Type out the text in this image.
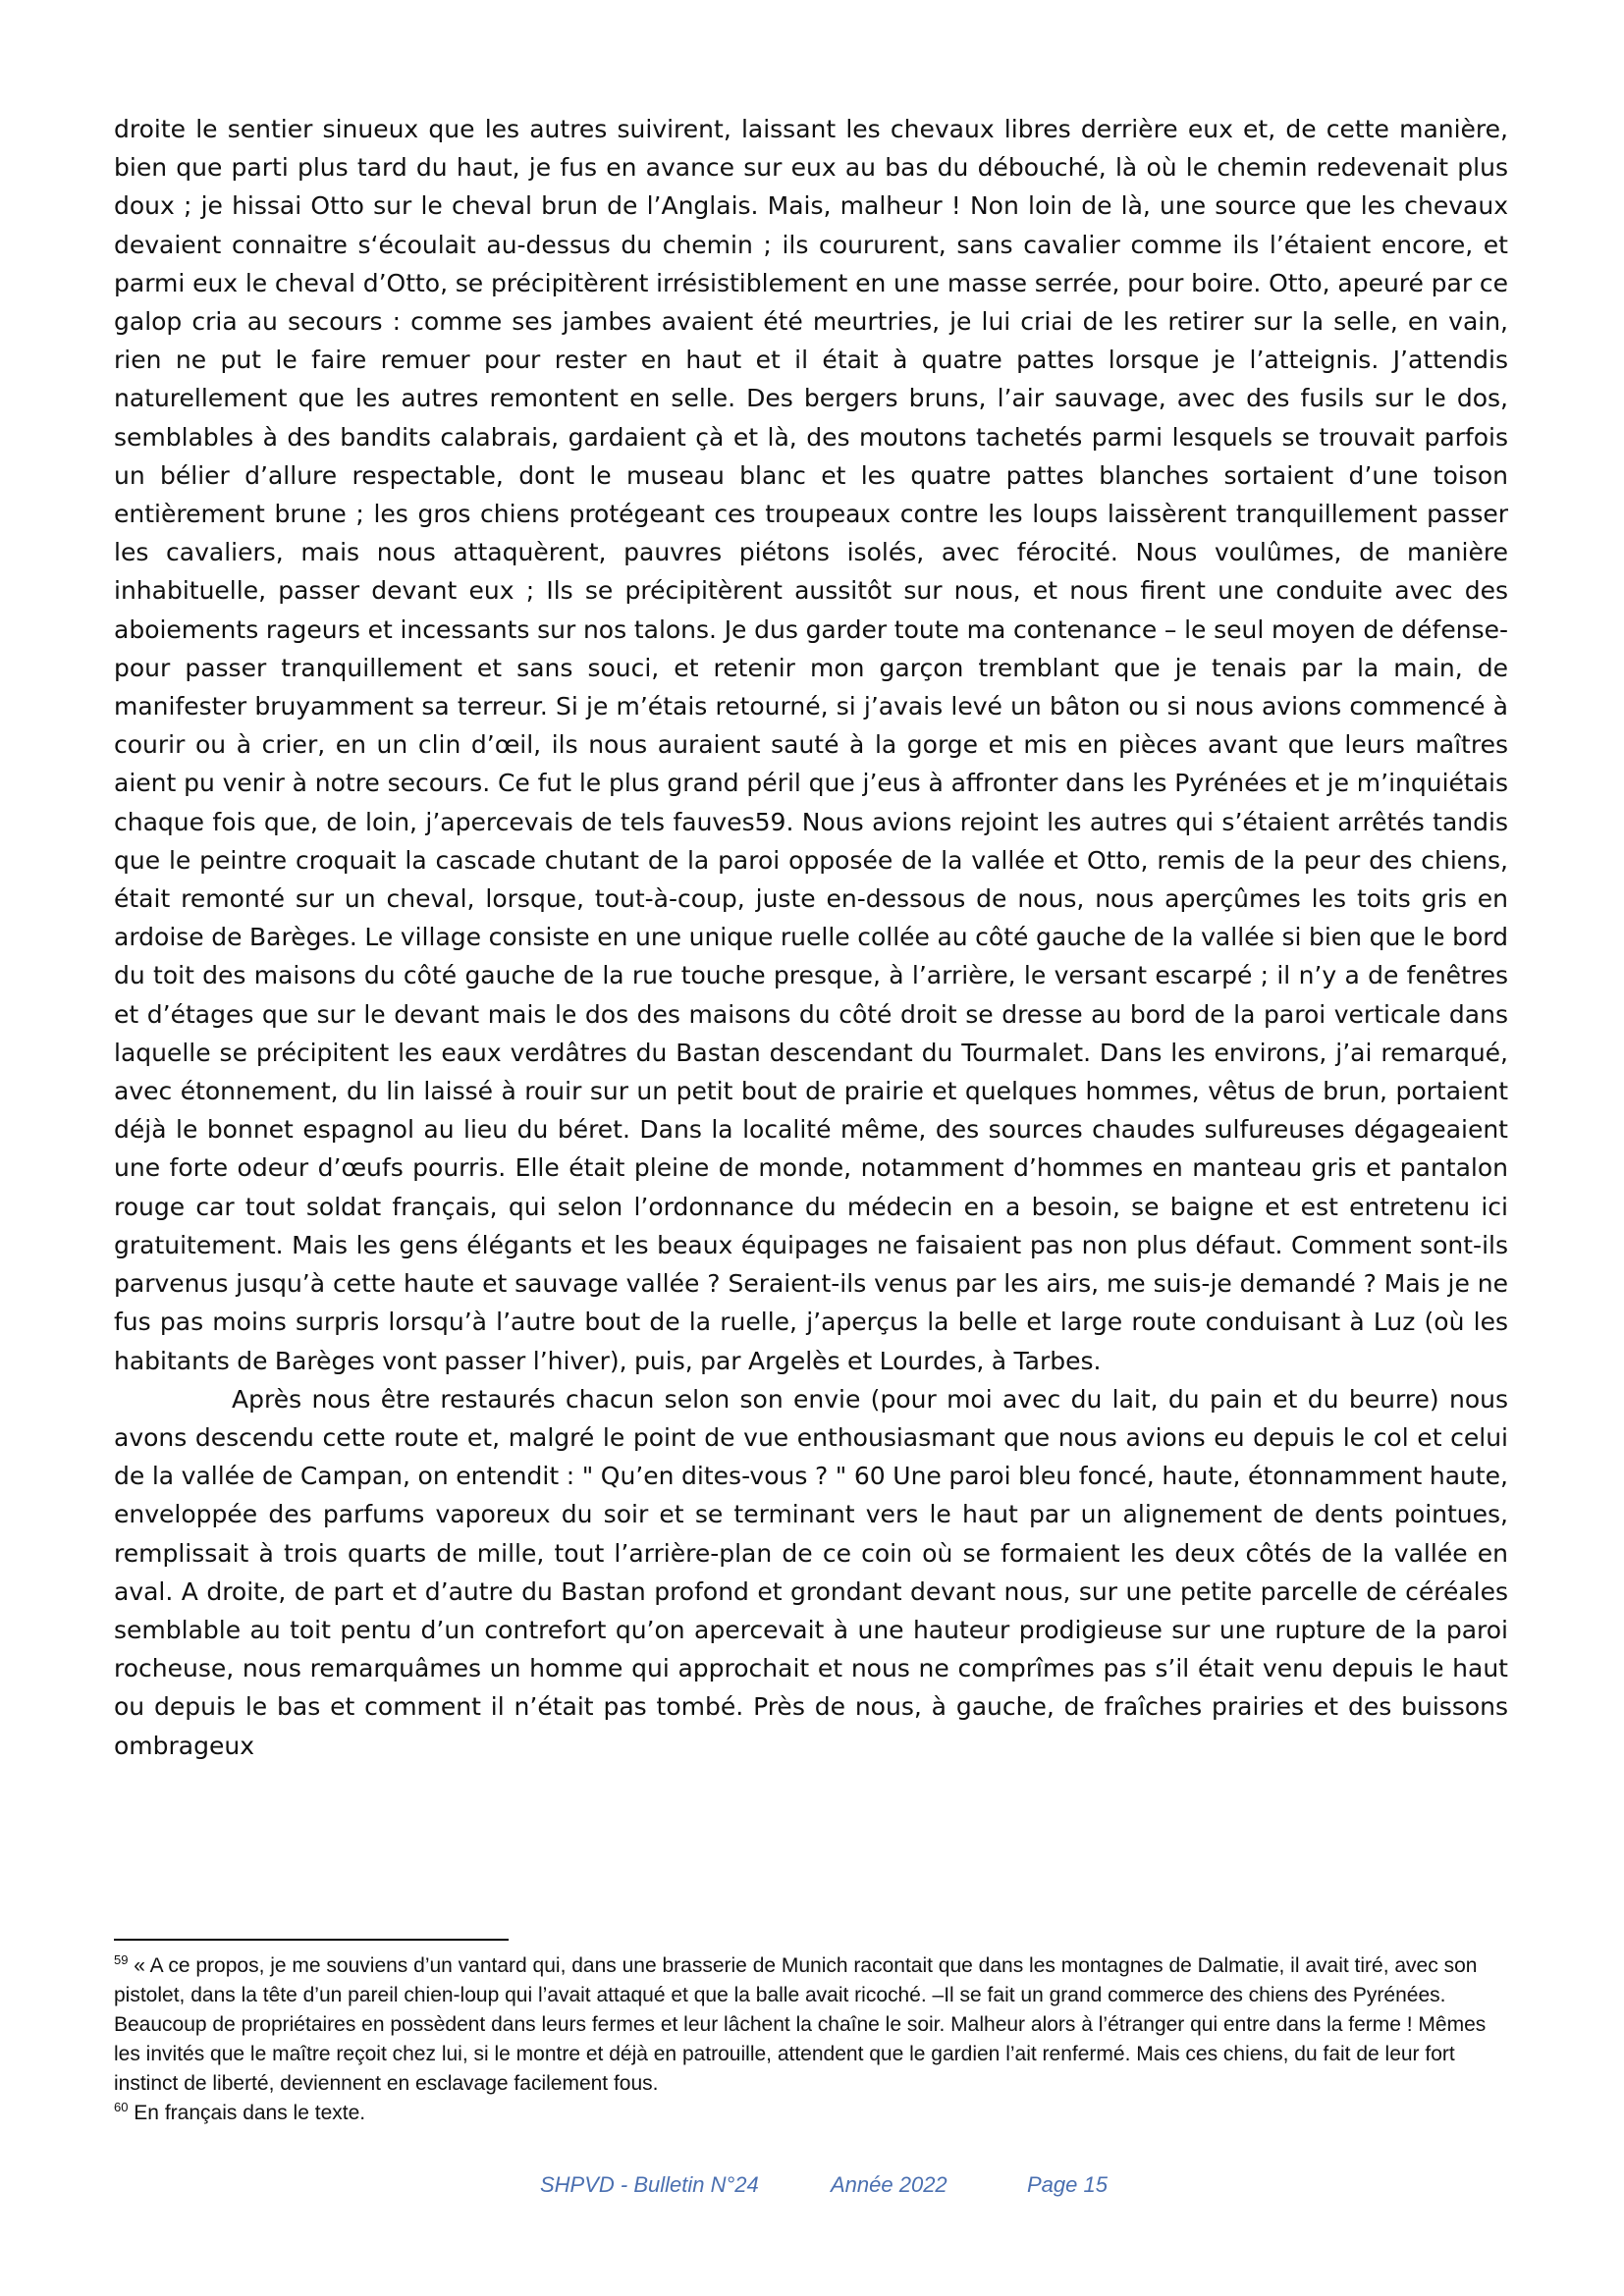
droite le sentier sinueux que les autres suivirent, laissant les chevaux libres derrière eux et, de cette manière, bien que parti plus tard du haut, je fus en avance sur eux au bas du débouché, là où le chemin redevenait plus doux ; je hissai Otto sur le cheval brun de l’Anglais. Mais, malheur ! Non loin de là, une source que les chevaux devaient connaitre s‘écoulait au-dessus du chemin ; ils coururent, sans cavalier comme ils l’étaient encore, et parmi eux le cheval d’Otto, se précipitèrent irrésistiblement en une masse serrée, pour boire. Otto, apeuré par ce galop cria au secours : comme ses jambes avaient été meurtries, je lui criai de les retirer sur la selle, en vain, rien ne put le faire remuer pour rester en haut et il était à quatre pattes lorsque je l’atteignis. J’attendis naturellement que les autres remontent en selle. Des bergers bruns, l’air sauvage, avec des fusils sur le dos, semblables à des bandits calabrais, gardaient çà et là, des moutons tachetés parmi lesquels se trouvait parfois un bélier d’allure respectable, dont le museau blanc et les quatre pattes blanches sortaient d’une toison entièrement brune ; les gros chiens protégeant ces troupeaux contre les loups laissèrent tranquillement passer les cavaliers, mais nous attaquèrent, pauvres piétons isolés, avec férocité. Nous voulûmes, de manière inhabituelle, passer devant eux ; Ils se précipitèrent aussitôt sur nous, et nous firent une conduite avec des aboiements rageurs et incessants sur nos talons. Je dus garder toute ma contenance – le seul moyen de défense- pour passer tranquillement et sans souci, et retenir mon garçon tremblant que je tenais par la main, de manifester bruyamment sa terreur. Si je m’étais retourné, si j’avais levé un bâton ou si nous avions commencé à courir ou à crier, en un clin d’œil, ils nous auraient sauté à la gorge et mis en pièces avant que leurs maîtres aient pu venir à notre secours. Ce fut le plus grand péril que j’eus à affronter dans les Pyrénées et je m’inquiétais chaque fois que, de loin, j’apercevais de tels fauves59. Nous avions rejoint les autres qui s’étaient arrêtés tandis que le peintre croquait la cascade chutant de la paroi opposée de la vallée et Otto, remis de la peur des chiens, était remonté sur un cheval, lorsque, tout-à-coup, juste en-dessous de nous, nous aperçûmes les toits gris en ardoise de Barèges. Le village consiste en une unique ruelle collée au côté gauche de la vallée si bien que le bord du toit des maisons du côté gauche de la rue touche presque, à l’arrière, le versant escarpé ; il n’y a de fenêtres et d’étages que sur le devant mais le dos des maisons du côté droit se dresse au bord de la paroi verticale dans laquelle se précipitent les eaux verdâtres du Bastan descendant du Tourmalet. Dans les environs, j’ai remarqué, avec étonnement, du lin laissé à rouir sur un petit bout de prairie et quelques hommes, vêtus de brun, portaient déjà le bonnet espagnol au lieu du béret. Dans la localité même, des sources chaudes sulfureuses dégageaient une forte odeur d’œufs pourris. Elle était pleine de monde, notamment d’hommes en manteau gris et pantalon rouge car tout soldat français, qui selon l’ordonnance du médecin en a besoin, se baigne et est entretenu ici gratuitement. Mais les gens élégants et les beaux équipages ne faisaient pas non plus défaut. Comment sont-ils parvenus jusqu’à cette haute et sauvage vallée ? Seraient-ils venus par les airs, me suis-je demandé ? Mais je ne fus pas moins surpris lorsqu’à l’autre bout de la ruelle, j’aperçus la belle et large route conduisant à Luz (où les habitants de Barèges vont passer l’hiver), puis, par Argelès et Lourdes, à Tarbes.

Après nous être restaurés chacun selon son envie (pour moi avec du lait, du pain et du beurre) nous avons descendu cette route et, malgré le point de vue enthousiasmant que nous avions eu depuis le col et celui de la vallée de Campan, on entendit : " Qu’en dites-vous ? " 60 Une paroi bleu foncé, haute, étonnamment haute, enveloppée des parfums vaporeux du soir et se terminant vers le haut par un alignement de dents pointues, remplissait à trois quarts de mille, tout l’arrière-plan de ce coin où se formaient les deux côtés de la vallée en aval. A droite, de part et d’autre du Bastan profond et grondant devant nous, sur une petite parcelle de céréales semblable au toit pentu d’un contrefort qu’on apercevait à une hauteur prodigieuse sur une rupture de la paroi rocheuse, nous remarquâmes un homme qui approchait et nous ne comprîmes pas s’il était venu depuis le haut ou depuis le bas et comment il n’était pas tombé. Près de nous, à gauche, de fraîches prairies et des buissons ombrageux

$^{59}$ « A ce propos, je me souviens d’un vantard qui, dans une brasserie de Munich racontait que dans les montagnes de Dalmatie, il avait tiré, avec son pistolet, dans la tête d’un pareil chien-loup qui l’avait attaqué et que la balle avait ricoché. –Il se fait un grand commerce des chiens des Pyrénées. Beaucoup de propriétaires en possèdent dans leurs fermes et leur lâchent la chaîne le soir. Malheur alors à l’étranger qui entre dans la ferme ! Mêmes les invités que le maître reçoit chez lui, si le montre et déjà en patrouille, attendent que le gardien l’ait renfermé. Mais ces chiens, du fait de leur fort instinct de liberté, deviennent en esclavage facilement fous.

$^{60}$ En français dans le texte.

SHPVD - Bulletin N°24	Année 2022	Page 15
